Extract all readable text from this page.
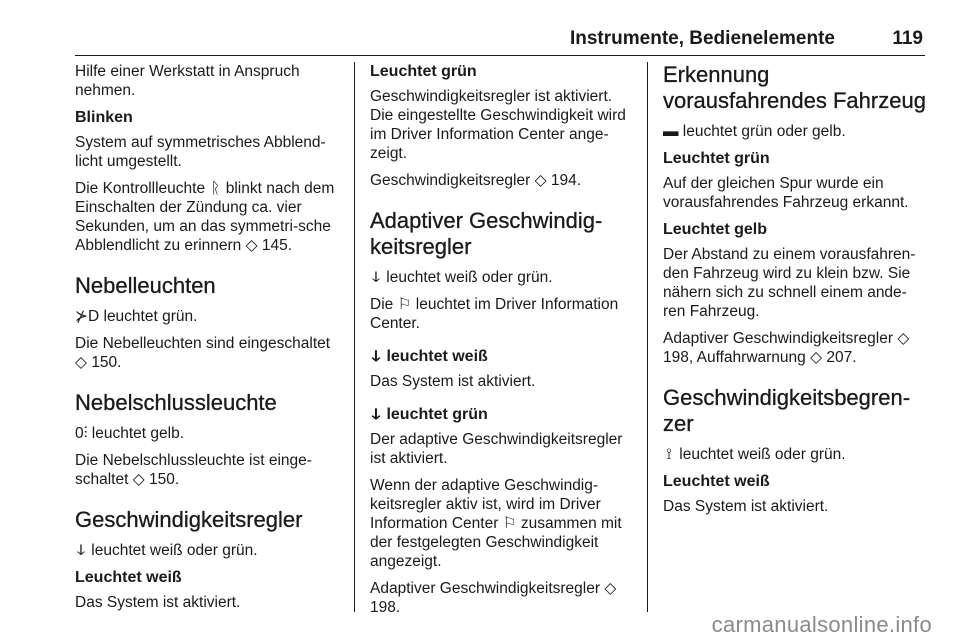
Instrumente, Bedienelemente	119

Hilfe einer Werkstatt in Anspruch nehmen.

Blinken

System auf symmetrisches Abblend-licht umgestellt.

Die Kontrollleuchte ᚱ blinkt nach dem Einschalten der Zündung ca. vier Sekunden, um an das symmetri-sche Abblendlicht zu erinnern ◇ 145.

Nebelleuchten

⊁D leuchtet grün.

Die Nebelleuchten sind eingeschaltet ◇ 150.

Nebelschlussleuchte

0⫶ leuchtet gelb.

Die Nebelschlussleuchte ist einge-schaltet ◇ 150.

Geschwindigkeitsregler

ↆ leuchtet weiß oder grün.

Leuchtet weiß

Das System ist aktiviert.

Leuchtet grün

Geschwindigkeitsregler ist aktiviert. Die eingestellte Geschwindigkeit wird im Driver Information Center ange-zeigt.

Geschwindigkeitsregler ◇ 194.

Adaptiver Geschwindig-keitsregler

ↆ leuchtet weiß oder grün.

Die ⚐ leuchtet im Driver Information Center.

ↆ leuchtet weiß

Das System ist aktiviert.

ↆ leuchtet grün

Der adaptive Geschwindigkeitsregler ist aktiviert.

Wenn der adaptive Geschwindig-keitsregler aktiv ist, wird im Driver Information Center ⚐ zusammen mit der festgelegten Geschwindigkeit angezeigt.

Adaptiver Geschwindigkeitsregler ◇ 198.

Erkennung vorausfahrendes Fahrzeug

▬ leuchtet grün oder gelb.

Leuchtet grün

Auf der gleichen Spur wurde ein vorausfahrendes Fahrzeug erkannt.

Leuchtet gelb

Der Abstand zu einem vorausfahren-den Fahrzeug wird zu klein bzw. Sie nähern sich zu schnell einem ande-ren Fahrzeug.

Adaptiver Geschwindigkeitsregler ◇ 198, Auffahrwarnung ◇ 207.

Geschwindigkeitsbegren-zer

⟟ leuchtet weiß oder grün.

Leuchtet weiß

Das System ist aktiviert.

carmanualsonline.info
